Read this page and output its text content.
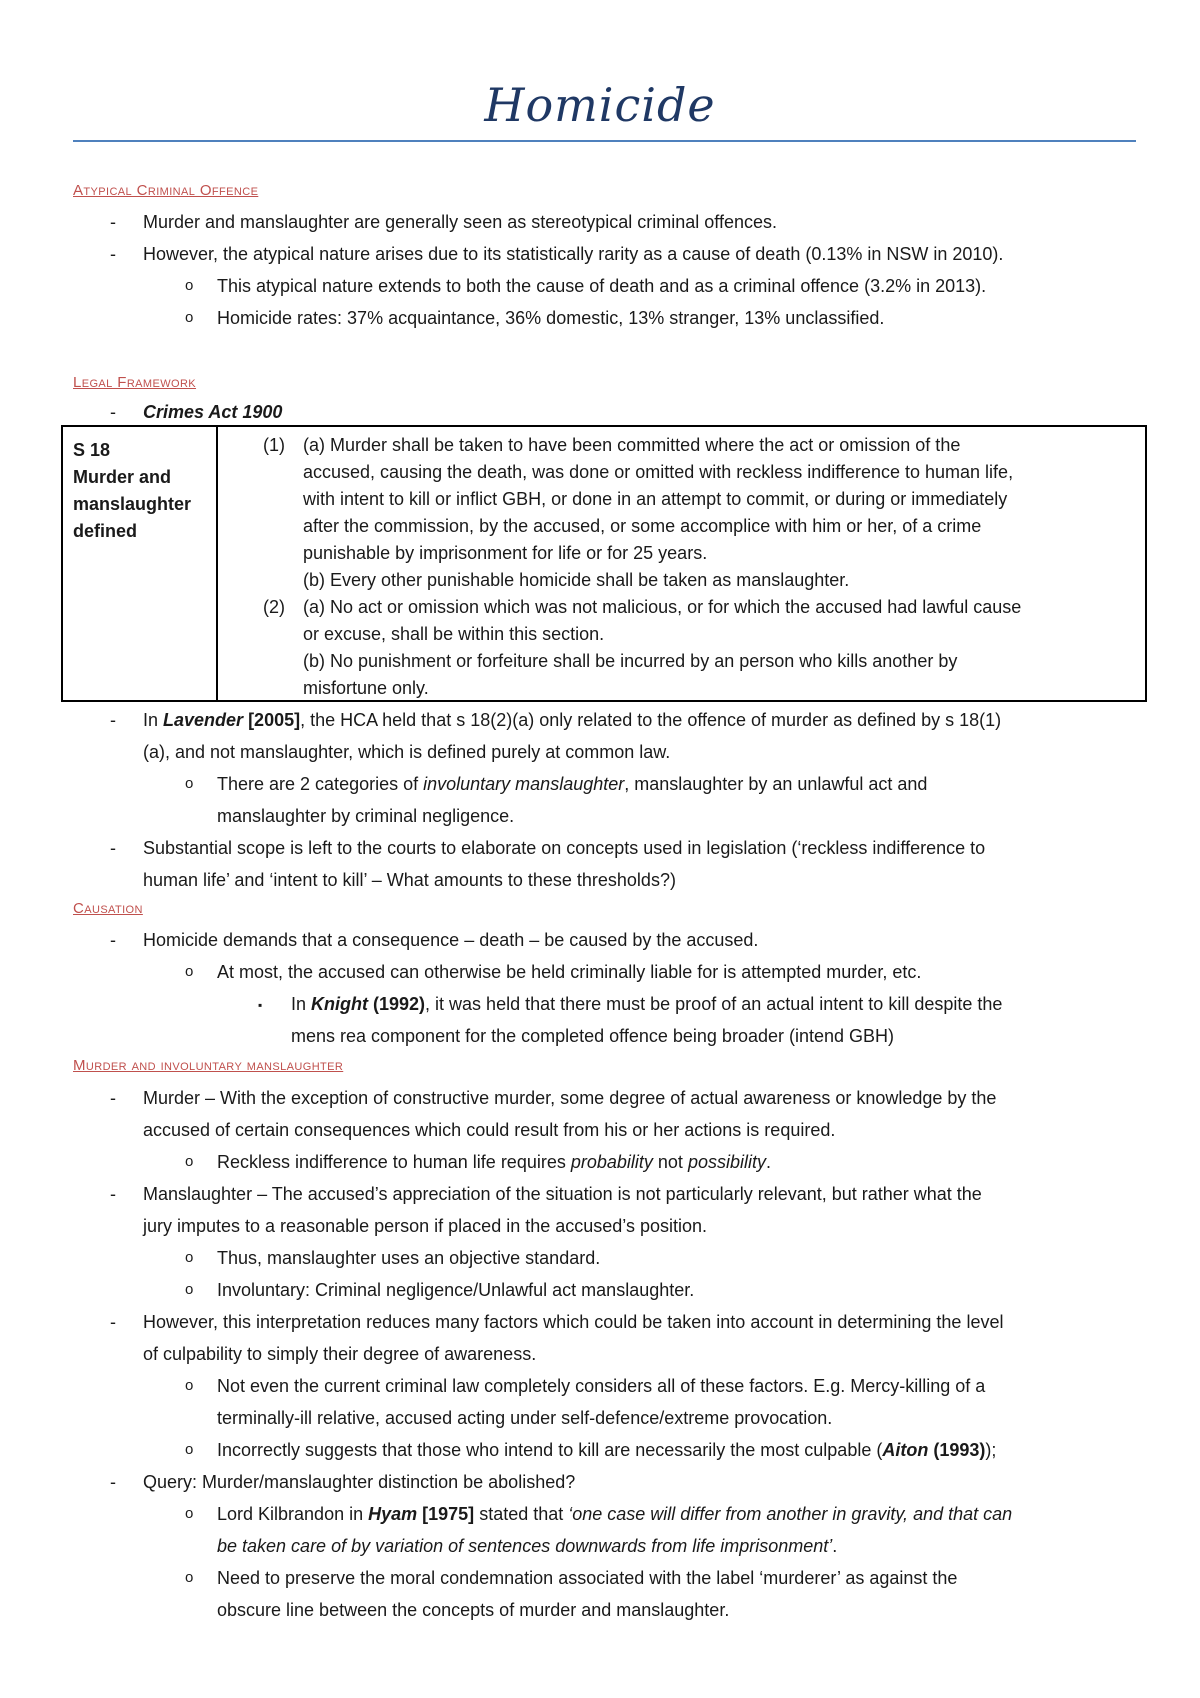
Homicide
Atypical Criminal Offence
- Murder and manslaughter are generally seen as stereotypical criminal offences.
- However, the atypical nature arises due to its statistically rarity as a cause of death (0.13% in NSW in 2010).
o This atypical nature extends to both the cause of death and as a criminal offence (3.2% in 2013).
o Homicide rates: 37% acquaintance, 36% domestic, 13% stranger, 13% unclassified.
Legal Framework
- Crimes Act 1900
S 18
Murder and
manslaughter
defined
(1) (a) Murder shall be taken to have been committed where the act or omission of the
accused, causing the death, was done or omitted with reckless indifference to human life,
with intent to kill or inflict GBH, or done in an attempt to commit, or during or immediately
after the commission, by the accused, or some accomplice with him or her, of a crime
punishable by imprisonment for life or for 25 years.
(b) Every other punishable homicide shall be taken as manslaughter.
(2) (a) No act or omission which was not malicious, or for which the accused had lawful cause
or excuse, shall be within this section.
(b) No punishment or forfeiture shall be incurred by an person who kills another by
misfortune only.
- In Lavender [2005], the HCA held that s 18(2)(a) only related to the offence of murder as defined by s 18(1)
(a), and not manslaughter, which is defined purely at common law.
o There are 2 categories of involuntary manslaughter, manslaughter by an unlawful act and
manslaughter by criminal negligence.
- Substantial scope is left to the courts to elaborate on concepts used in legislation (‘reckless indifference to
human life’ and ‘intent to kill’ – What amounts to these thresholds?)
Causation
- Homicide demands that a consequence – death – be caused by the accused.
o At most, the accused can otherwise be held criminally liable for is attempted murder, etc.
▪ In Knight (1992), it was held that there must be proof of an actual intent to kill despite the
mens rea component for the completed offence being broader (intend GBH)
Murder and involuntary manslaughter
- Murder – With the exception of constructive murder, some degree of actual awareness or knowledge by the
accused of certain consequences which could result from his or her actions is required.
o Reckless indifference to human life requires probability not possibility.
- Manslaughter – The accused’s appreciation of the situation is not particularly relevant, but rather what the
jury imputes to a reasonable person if placed in the accused’s position.
o Thus, manslaughter uses an objective standard.
o Involuntary: Criminal negligence/Unlawful act manslaughter.
- However, this interpretation reduces many factors which could be taken into account in determining the level
of culpability to simply their degree of awareness.
o Not even the current criminal law completely considers all of these factors. E.g. Mercy-killing of a
terminally-ill relative, accused acting under self-defence/extreme provocation.
o Incorrectly suggests that those who intend to kill are necessarily the most culpable (Aiton (1993));
- Query: Murder/manslaughter distinction be abolished?
o Lord Kilbrandon in Hyam [1975] stated that ‘one case will differ from another in gravity, and that can
be taken care of by variation of sentences downwards from life imprisonment’.
o Need to preserve the moral condemnation associated with the label ‘murderer’ as against the
obscure line between the concepts of murder and manslaughter.
